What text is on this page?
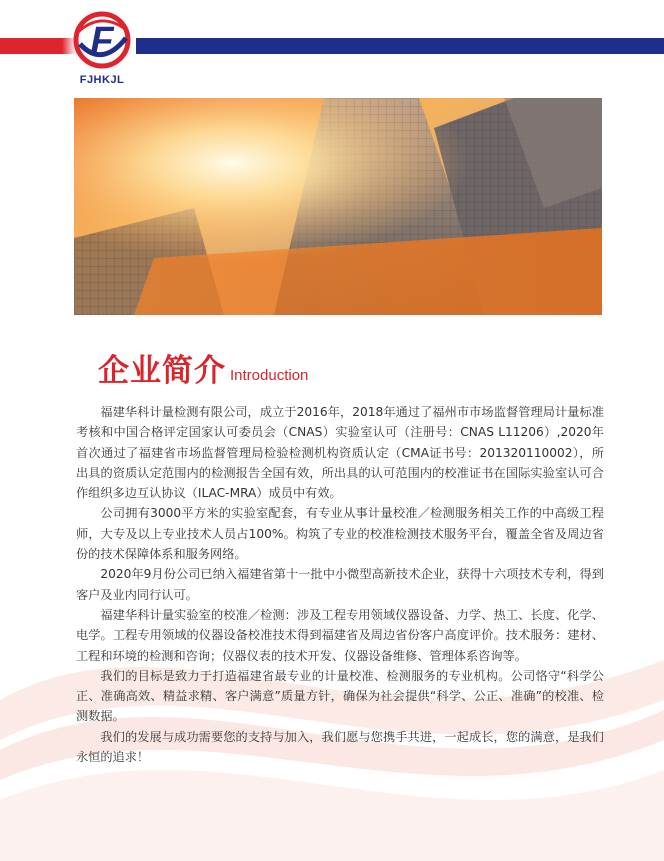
F
FJHKJL
企业简介 Introduction

福建华科计量检测有限公司，成立于2016年，2018年通过了福州市市场监督管理局计量标准考核和中国合格评定国家认可委员会（CNAS）实验室认可（注册号：CNAS L11206）,2020年首次通过了福建省市场监督管理局检验检测机构资质认定（CMA证书号：201320110002），所出具的资质认定范围内的检测报告全国有效，所出具的认可范围内的校准证书在国际实验室认可合作组织多边互认协议（ILAC-MRA）成员中有效。

公司拥有3000平方米的实验室配套，有专业从事计量校准／检测服务相关工作的中高级工程师，大专及以上专业技术人员占100%。构筑了专业的校准检测技术服务平台，覆盖全省及周边省份的技术保障体系和服务网络。

2020年9月份公司已纳入福建省第十一批中小微型高新技术企业，获得十六项技术专利，得到客户及业内同行认可。

福建华科计量实验室的校准／检测：涉及工程专用领域仪器设备、力学、热工、长度、化学、电学。工程专用领域的仪器设备校准技术得到福建省及周边省份客户高度评价。技术服务：建材、工程和环境的检测和咨询；仪器仪表的技术开发、仪器设备维修、管理体系咨询等。

我们的目标是致力于打造福建省最专业的计量校准、检测服务的专业机构。公司恪守“科学公正、准确高效、精益求精、客户满意”质量方针，确保为社会提供“科学、公正、准确”的校准、检测数据。

我们的发展与成功需要您的支持与加入，我们愿与您携手共进，一起成长，您的满意，是我们永恒的追求！
